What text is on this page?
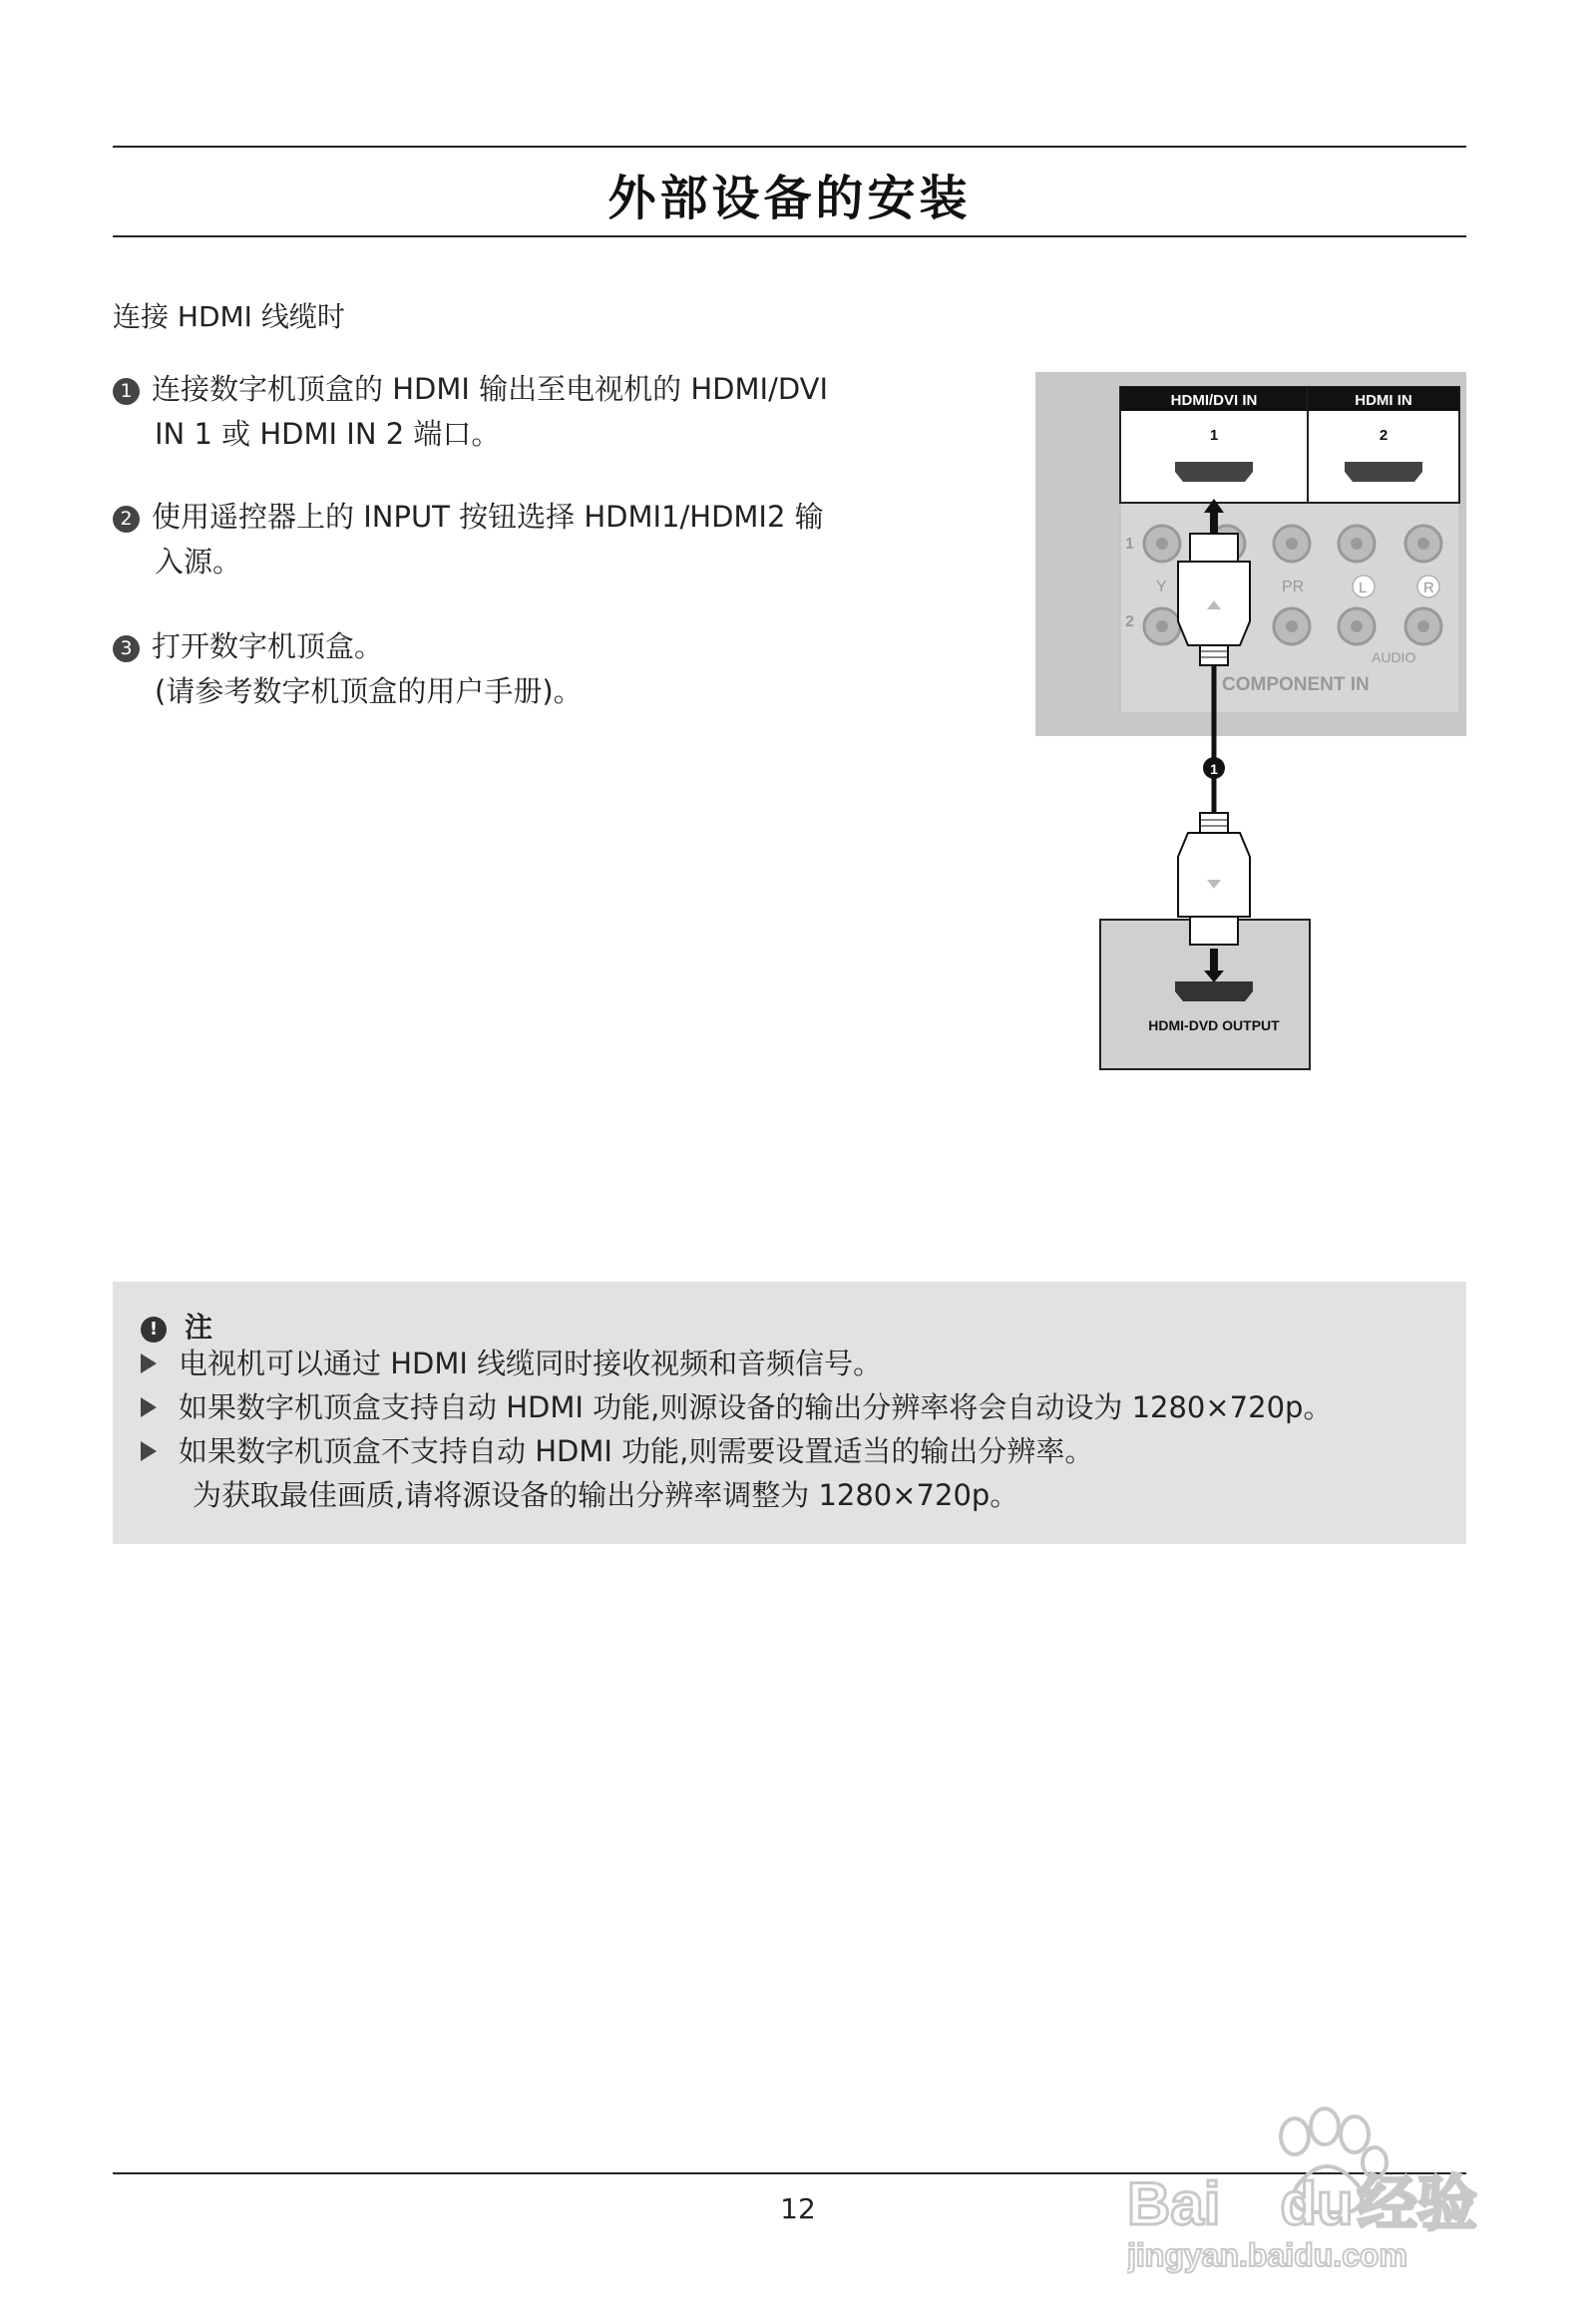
外部设备的安装
连接 HDMI 线缆时
1 连接数字机顶盒的 HDMI 输出至电视机的 HDMI/DVI
IN 1 或 HDMI IN 2 端口。
2 使用遥控器上的 INPUT 按钮选择 HDMI1/HDMI2 输
入源。
3 打开数字机顶盒。
(请参考数字机顶盒的用户手册)。
1
2
Y	PR	L	R
AUDIO
COMPONENT IN
HDMI/DVI IN
1
HDMI IN
2
1
HDMI-DVD OUTPUT
! 注
电视机可以通过 HDMI 线缆同时接收视频和音频信号。
如果数字机顶盒支持自动 HDMI 功能,则源设备的输出分辨率将会自动设为 1280×720p。
如果数字机顶盒不支持自动 HDMI 功能,则需要设置适当的输出分辨率。
为获取最佳画质,请将源设备的输出分辨率调整为 1280×720p。
12	Bai du经验
jingyan.baidu.com
